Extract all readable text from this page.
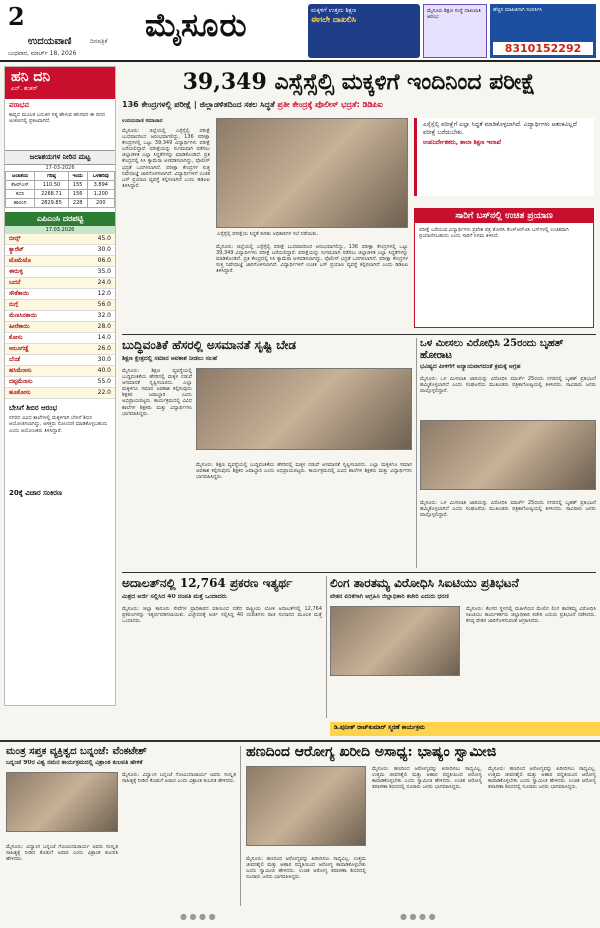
2
ಉದಯವಾಣಿ	ದಿನಪತ್ರಿಕೆ
ಬುಧವಾರ, ಮಾರ್ಚ್ 18, 2026
ಮೈಸೂರು	ಮಕ್ಕಳಿಗೆ ಉತ್ತಮ ಶಿಕ್ಷಣ
ಈಗಲೇ ದಾಖಲಿಸಿ
ಮೈಸೂರು ಶಿಕ್ಷಣ ಸಂಸ್ಥೆ ದಾಖಲಾತಿ ಆರಂಭ
ಹೆಚ್ಚಿನ ಮಾಹಿತಿಗಾಗಿ ಸಂಪರ್ಕಿಸಿ
8310152292
ಹನಿ ದನಿ
ಎನ್. ಶಂಕರ್
ಪರಾಭವ
ಕಾವ್ಯದ ಮೂಲಕ ಬದುಕಿನ ಸತ್ಯ ಹೇಳುವ ಹನಿಗವನ ಈ ದಿನದ ಅಂಕಣದಲ್ಲಿ ಪ್ರಕಟವಾಗಿದೆ.
ಜಲಾಶಯಗಳ ನೀರಿನ ಮಟ್ಟ
17-03-2026
ಜಲಾಶಯ	ಗರಿಷ್ಠ	ಇಂದು	ಒಳಹರಿವು
ಕೆಆರ್‌ಎಸ್	110.50	155	3,894
ಕಬಿನಿ	2268.71	156	1,200
ಹಾರಂಗಿ	2829.85	228	200
ಎಪಿಎಂಸಿ ದರಪಟ್ಟಿ
17.03.2026
ಬೀನ್ಸ್	45.0
ಕ್ಯಾರೆಟ್	30.0
ಟೊಮೆಟೊ	06.0
ಈರುಳ್ಳಿ	35.0
ಬದನೆ	24.0
ಸೌತೆಕಾಯಿ	12.0
ನುಗ್ಗೆ	56.0
ಮೆಣಸಿನಕಾಯಿ	32.0
ಹೀರೆಕಾಯಿ	28.0
ಕೋಸು	14.0
ಆಲೂಗಡ್ಡೆ	26.0
ಬೆಂಡೆ	30.0
ಹಸಿಮೆಣಸು	40.0
ದಪ್ಪಮೆಣಸು	55.0
ಹೂಕೋಸು	22.0
ಬೇಸಿಗೆ ಶಿಬಿರ ಆರಂಭ
ನಗರದ ವಿವಿಧ ಶಾಲೆಗಳಲ್ಲಿ ಮಕ್ಕಳಿಗಾಗಿ ಬೇಸಿಗೆ ಶಿಬಿರ ಆಯೋಜಿಸಲಾಗಿದ್ದು, ಆಸಕ್ತರು ನೋಂದಣಿ ಮಾಡಿಕೊಳ್ಳಬಹುದು ಎಂದು ಆಯೋಜಕರು ತಿಳಿಸಿದ್ದಾರೆ.
20ಕ್ಕೆ ವಿಚಾರ ಸಂಕಿರಣ
39,349 ಎಸ್ಸೆಸ್ಸೆಲ್ಸಿ ಮಕ್ಕಳಿಗೆ ಇಂದಿನಿಂದ ಪರೀಕ್ಷೆ
136 ಕೇಂದ್ರಗಳಲ್ಲಿ ಪರೀಕ್ಷೆ | ಜಿಲ್ಲಾಡಳಿತದಿಂದ ಸಕಲ ಸಿದ್ಧತೆ ಪ್ರತೀ ಕೇಂದ್ರಕ್ಕೆ ಪೊಲೀಸ್ ಭದ್ರತೆ: ಡಿಡಿಪಿಐ
ಉದಯವಾಣಿ ಸಮಾಚಾರ
ಮೈಸೂರು: ಜಿಲ್ಲೆಯಲ್ಲಿ ಎಸ್ಸೆಸ್ಸೆಲ್ಸಿ ಪರೀಕ್ಷೆ ಬುಧವಾರದಿಂದ ಆರಂಭವಾಗಲಿದ್ದು, 136 ಪರೀಕ್ಷಾ ಕೇಂದ್ರಗಳಲ್ಲಿ ಒಟ್ಟು 39,349 ವಿದ್ಯಾರ್ಥಿಗಳು ಪರೀಕ್ಷೆ ಬರೆಯಲಿದ್ದಾರೆ. ಪರೀಕ್ಷೆಯನ್ನು ಸುಗಮವಾಗಿ ನಡೆಸಲು ಜಿಲ್ಲಾಡಳಿತ ಎಲ್ಲಾ ಸಿದ್ಧತೆಗಳನ್ನು ಮಾಡಿಕೊಂಡಿದೆ. ಪ್ರತಿ ಕೇಂದ್ರದಲ್ಲಿ ಸಿಸಿ ಕ್ಯಾಮೆರಾ ಅಳವಡಿಸಲಾಗಿದ್ದು, ಪೊಲೀಸ್ ಭದ್ರತೆ ಒದಗಿಸಲಾಗಿದೆ. ಪರೀಕ್ಷಾ ಕೇಂದ್ರಗಳ ಸುತ್ತ ನಿಷೇಧಾಜ್ಞೆ ಜಾರಿಗೊಳಿಸಲಾಗಿದೆ. ವಿದ್ಯಾರ್ಥಿಗಳಿಗೆ ಉಚಿತ ಬಸ್ ಪ್ರಯಾಣ ವ್ಯವಸ್ಥೆ ಕಲ್ಪಿಸಲಾಗಿದೆ ಎಂದು ಡಿಡಿಪಿಐ ತಿಳಿಸಿದ್ದಾರೆ.
ಎಸ್ಸೆಸ್ಸೆಲ್ಸಿ ಪರೀಕ್ಷೆಯ ಸಿದ್ಧತೆ ಕುರಿತು ಅಧಿಕಾರಿಗಳ ಸಭೆ ನಡೆಯಿತು.
ಮೈಸೂರು: ಜಿಲ್ಲೆಯಲ್ಲಿ ಎಸ್ಸೆಸ್ಸೆಲ್ಸಿ ಪರೀಕ್ಷೆ ಬುಧವಾರದಿಂದ ಆರಂಭವಾಗಲಿದ್ದು, 136 ಪರೀಕ್ಷಾ ಕೇಂದ್ರಗಳಲ್ಲಿ ಒಟ್ಟು 39,349 ವಿದ್ಯಾರ್ಥಿಗಳು ಪರೀಕ್ಷೆ ಬರೆಯಲಿದ್ದಾರೆ. ಪರೀಕ್ಷೆಯನ್ನು ಸುಗಮವಾಗಿ ನಡೆಸಲು ಜಿಲ್ಲಾಡಳಿತ ಎಲ್ಲಾ ಸಿದ್ಧತೆಗಳನ್ನು ಮಾಡಿಕೊಂಡಿದೆ. ಪ್ರತಿ ಕೇಂದ್ರದಲ್ಲಿ ಸಿಸಿ ಕ್ಯಾಮೆರಾ ಅಳವಡಿಸಲಾಗಿದ್ದು, ಪೊಲೀಸ್ ಭದ್ರತೆ ಒದಗಿಸಲಾಗಿದೆ. ಪರೀಕ್ಷಾ ಕೇಂದ್ರಗಳ ಸುತ್ತ ನಿಷೇಧಾಜ್ಞೆ ಜಾರಿಗೊಳಿಸಲಾಗಿದೆ. ವಿದ್ಯಾರ್ಥಿಗಳಿಗೆ ಉಚಿತ ಬಸ್ ಪ್ರಯಾಣ ವ್ಯವಸ್ಥೆ ಕಲ್ಪಿಸಲಾಗಿದೆ ಎಂದು ಡಿಡಿಪಿಐ ತಿಳಿಸಿದ್ದಾರೆ.
ಎಸ್ಸೆಸ್ಸೆಲ್ಸಿ ಪರೀಕ್ಷೆಗೆ ಎಲ್ಲಾ ಸಿದ್ಧತೆ ಮಾಡಿಕೊಳ್ಳಲಾಗಿದೆ. ವಿದ್ಯಾರ್ಥಿಗಳು ಆತಂಕವಿಲ್ಲದೆ ಪರೀಕ್ಷೆ ಬರೆಯಬೇಕು.
ಉಪನಿರ್ದೇಶಕರು, ಶಾಲಾ ಶಿಕ್ಷಣ ಇಲಾಖೆ
ಸಾರಿಗೆ ಬಸ್‌ನಲ್ಲಿ ಉಚಿತ ಪ್ರಯಾಣ
ಪರೀಕ್ಷೆ ಬರೆಯುವ ವಿದ್ಯಾರ್ಥಿಗಳು ಪ್ರವೇಶ ಪತ್ರ ತೋರಿಸಿ ಕೆಎಸ್‌ಆರ್‌ಟಿಸಿ ಬಸ್‌ಗಳಲ್ಲಿ ಉಚಿತವಾಗಿ ಪ್ರಯಾಣಿಸಬಹುದು ಎಂದು ಸಾರಿಗೆ ನಿಗಮ ತಿಳಿಸಿದೆ.
ಬುದ್ಧಿವಂತಿಕೆ ಹೆಸರಲ್ಲಿ ಅಸಮಾನತೆ ಸೃಷ್ಟಿ ಬೇಡ
ಶಿಕ್ಷಣ ಕ್ಷೇತ್ರದಲ್ಲಿ ಸಮಾನ ಅವಕಾಶ ನೀಡಲು ಸಲಹೆ
ಮೈಸೂರು: ಶಿಕ್ಷಣ ವ್ಯವಸ್ಥೆಯಲ್ಲಿ ಬುದ್ಧಿವಂತಿಕೆಯ ಹೆಸರಿನಲ್ಲಿ ಮಕ್ಕಳ ನಡುವೆ ಅಸಮಾನತೆ ಸೃಷ್ಟಿಸಬಾರದು. ಎಲ್ಲಾ ಮಕ್ಕಳಿಗೂ ಸಮಾನ ಅವಕಾಶ ಕಲ್ಪಿಸುವುದು ಶಿಕ್ಷಕರ ಜವಾಬ್ದಾರಿ ಎಂದು ಅಭಿಪ್ರಾಯಪಟ್ಟರು. ಕಾರ್ಯಕ್ರಮದಲ್ಲಿ ವಿವಿಧ ಶಾಲೆಗಳ ಶಿಕ್ಷಕರು ಮತ್ತು ವಿದ್ಯಾರ್ಥಿಗಳು ಭಾಗವಹಿಸಿದ್ದರು.
ಮೈಸೂರು: ಶಿಕ್ಷಣ ವ್ಯವಸ್ಥೆಯಲ್ಲಿ ಬುದ್ಧಿವಂತಿಕೆಯ ಹೆಸರಿನಲ್ಲಿ ಮಕ್ಕಳ ನಡುವೆ ಅಸಮಾನತೆ ಸೃಷ್ಟಿಸಬಾರದು. ಎಲ್ಲಾ ಮಕ್ಕಳಿಗೂ ಸಮಾನ ಅವಕಾಶ ಕಲ್ಪಿಸುವುದು ಶಿಕ್ಷಕರ ಜವಾಬ್ದಾರಿ ಎಂದು ಅಭಿಪ್ರಾಯಪಟ್ಟರು. ಕಾರ್ಯಕ್ರಮದಲ್ಲಿ ವಿವಿಧ ಶಾಲೆಗಳ ಶಿಕ್ಷಕರು ಮತ್ತು ವಿದ್ಯಾರ್ಥಿಗಳು ಭಾಗವಹಿಸಿದ್ದರು.
ಒಳ ಮೀಸಲು ವಿರೋಧಿಸಿ 25ರಂದು ಬೃಹತ್ ಹೋರಾಟ
ಭವಿಷ್ಯದ ಪೀಳಿಗೆಗೆ ಅನ್ಯಾಯವಾಗದಂತೆ ಕ್ರಮಕ್ಕೆ ಆಗ್ರಹ
ಮೈಸೂರು: ಒಳ ಮೀಸಲಾತಿ ಜಾರಿಯನ್ನು ವಿರೋಧಿಸಿ ಮಾರ್ಚ್ 25ರಂದು ನಗರದಲ್ಲಿ ಬೃಹತ್ ಪ್ರತಿಭಟನೆ ಹಮ್ಮಿಕೊಳ್ಳಲಾಗಿದೆ ಎಂದು ಸಂಘಟನೆಯ ಮುಖಂಡರು ಪತ್ರಿಕಾಗೋಷ್ಠಿಯಲ್ಲಿ ತಿಳಿಸಿದರು. ಸಾವಿರಾರು ಜನರು ಪಾಲ್ಗೊಳ್ಳಲಿದ್ದಾರೆ.
ಮೈಸೂರು: ಒಳ ಮೀಸಲಾತಿ ಜಾರಿಯನ್ನು ವಿರೋಧಿಸಿ ಮಾರ್ಚ್ 25ರಂದು ನಗರದಲ್ಲಿ ಬೃಹತ್ ಪ್ರತಿಭಟನೆ ಹಮ್ಮಿಕೊಳ್ಳಲಾಗಿದೆ ಎಂದು ಸಂಘಟನೆಯ ಮುಖಂಡರು ಪತ್ರಿಕಾಗೋಷ್ಠಿಯಲ್ಲಿ ತಿಳಿಸಿದರು. ಸಾವಿರಾರು ಜನರು ಪಾಲ್ಗೊಳ್ಳಲಿದ್ದಾರೆ.
ಅದಾಲತ್‌ನಲ್ಲಿ 12,764 ಪ್ರಕರಣ ಇತ್ಯರ್ಥ
ಮಿಶ್ರದ ಅರ್ಜಿ ಸಲ್ಲಿಸಿದ 40 ದಂಪತಿ ಮತ್ತೆ ಒಂದಾದರು
ಮೈಸೂರು: ಜಿಲ್ಲಾ ಕಾನೂನು ಸೇವೆಗಳ ಪ್ರಾಧಿಕಾರದ ವತಿಯಿಂದ ನಡೆದ ರಾಷ್ಟ್ರೀಯ ಲೋಕ ಅದಾಲತ್‌ನಲ್ಲಿ 12,764 ಪ್ರಕರಣಗಳನ್ನು ಇತ್ಯರ್ಥಪಡಿಸಲಾಯಿತು. ವಿಚ್ಛೇದನಕ್ಕೆ ಅರ್ಜಿ ಸಲ್ಲಿಸಿದ್ದ 40 ದಂಪತಿಗಳು ರಾಜಿ ಸಂಧಾನದ ಮೂಲಕ ಮತ್ತೆ ಒಂದಾದರು.
ಲಿಂಗ ತಾರತಮ್ಯ ವಿರೋಧಿಸಿ ಸಿಐಟಿಯು ಪ್ರತಿಭಟನೆ
ವೇತನ ಏರಿಕೆಗಾಗಿ ಆಗ್ರಹಿಸಿ ಜಿಲ್ಲಾಧಿಕಾರಿ ಕಚೇರಿ ಎದುರು ಧರಣಿ
ಮೈಸೂರು: ಕೆಲಸದ ಸ್ಥಳದಲ್ಲಿ ಮಹಿಳೆಯರ ಮೇಲಿನ ಲಿಂಗ ತಾರತಮ್ಯ ವಿರೋಧಿಸಿ ಸಿಐಟಿಯು ಕಾರ್ಯಕರ್ತರು ಜಿಲ್ಲಾಧಿಕಾರಿ ಕಚೇರಿ ಎದುರು ಪ್ರತಿಭಟನೆ ನಡೆಸಿದರು. ಕನಿಷ್ಠ ವೇತನ ಜಾರಿಗೊಳಿಸುವಂತೆ ಆಗ್ರಹಿಸಿದರು.
ಡಿ.ಪುನೀತ್ ರಾಜ್‌ಕುಮಾರ್ ಸ್ಮರಣೆ ಕಾರ್ಯಕ್ರಮ
ಮಂತ್ರ ಸಪ್ತಕ ವ್ಯಕ್ತಿತ್ವದ ಬನ್ನಂಜೆ: ವೆಂಕಟೇಶ್
ಬನ್ನಂಜೆ 90ರ ವಿಶ್ವ ನಮನ ಕಾರ್ಯಕ್ರಮದಲ್ಲಿ ವಿಶ್ರಾಂತ ಕುಲಪತಿ ಹೇಳಿಕೆ
ಮೈಸೂರು: ವಿದ್ವಾಂಸ ಬನ್ನಂಜೆ ಗೋವಿಂದಾಚಾರ್ಯ ಅವರು ಸಂಸ್ಕೃತ ಸಾಹಿತ್ಯಕ್ಕೆ ನೀಡಿದ ಕೊಡುಗೆ ಅಪಾರ ಎಂದು ವಿಶ್ರಾಂತ ಕುಲಪತಿ ಹೇಳಿದರು.
ಮೈಸೂರು: ವಿದ್ವಾಂಸ ಬನ್ನಂಜೆ ಗೋವಿಂದಾಚಾರ್ಯ ಅವರು ಸಂಸ್ಕೃತ ಸಾಹಿತ್ಯಕ್ಕೆ ನೀಡಿದ ಕೊಡುಗೆ ಅಪಾರ ಎಂದು ವಿಶ್ರಾಂತ ಕುಲಪತಿ ಹೇಳಿದರು.
ಹಣದಿಂದ ಆರೋಗ್ಯ ಖರೀದಿ ಅಸಾಧ್ಯ: ಭಾಷ್ಯಂ ಸ್ವಾಮೀಜಿ
ಮೈಸೂರು: ಹಣದಿಂದ ಆರೋಗ್ಯವನ್ನು ಖರೀದಿಸಲು ಸಾಧ್ಯವಿಲ್ಲ. ಉತ್ತಮ ಜೀವನಶೈಲಿ ಮತ್ತು ಆಹಾರ ಪದ್ಧತಿಯಿಂದ ಆರೋಗ್ಯ ಕಾಪಾಡಿಕೊಳ್ಳಬೇಕು ಎಂದು ಸ್ವಾಮೀಜಿ ಹೇಳಿದರು. ಉಚಿತ ಆರೋಗ್ಯ ತಪಾಸಣಾ ಶಿಬಿರದಲ್ಲಿ ನೂರಾರು ಜನರು ಭಾಗವಹಿಸಿದ್ದರು.
ಮೈಸೂರು: ಹಣದಿಂದ ಆರೋಗ್ಯವನ್ನು ಖರೀದಿಸಲು ಸಾಧ್ಯವಿಲ್ಲ. ಉತ್ತಮ ಜೀವನಶೈಲಿ ಮತ್ತು ಆಹಾರ ಪದ್ಧತಿಯಿಂದ ಆರೋಗ್ಯ ಕಾಪಾಡಿಕೊಳ್ಳಬೇಕು ಎಂದು ಸ್ವಾಮೀಜಿ ಹೇಳಿದರು. ಉಚಿತ ಆರೋಗ್ಯ ತಪಾಸಣಾ ಶಿಬಿರದಲ್ಲಿ ನೂರಾರು ಜನರು ಭಾಗವಹಿಸಿದ್ದರು.
ಮೈಸೂರು: ಹಣದಿಂದ ಆರೋಗ್ಯವನ್ನು ಖರೀದಿಸಲು ಸಾಧ್ಯವಿಲ್ಲ. ಉತ್ತಮ ಜೀವನಶೈಲಿ ಮತ್ತು ಆಹಾರ ಪದ್ಧತಿಯಿಂದ ಆರೋಗ್ಯ ಕಾಪಾಡಿಕೊಳ್ಳಬೇಕು ಎಂದು ಸ್ವಾಮೀಜಿ ಹೇಳಿದರು. ಉಚಿತ ಆರೋಗ್ಯ ತಪಾಸಣಾ ಶಿಬಿರದಲ್ಲಿ ನೂರಾರು ಜನರು ಭಾಗವಹಿಸಿದ್ದರು.
● ● ● ●	● ● ● ●
